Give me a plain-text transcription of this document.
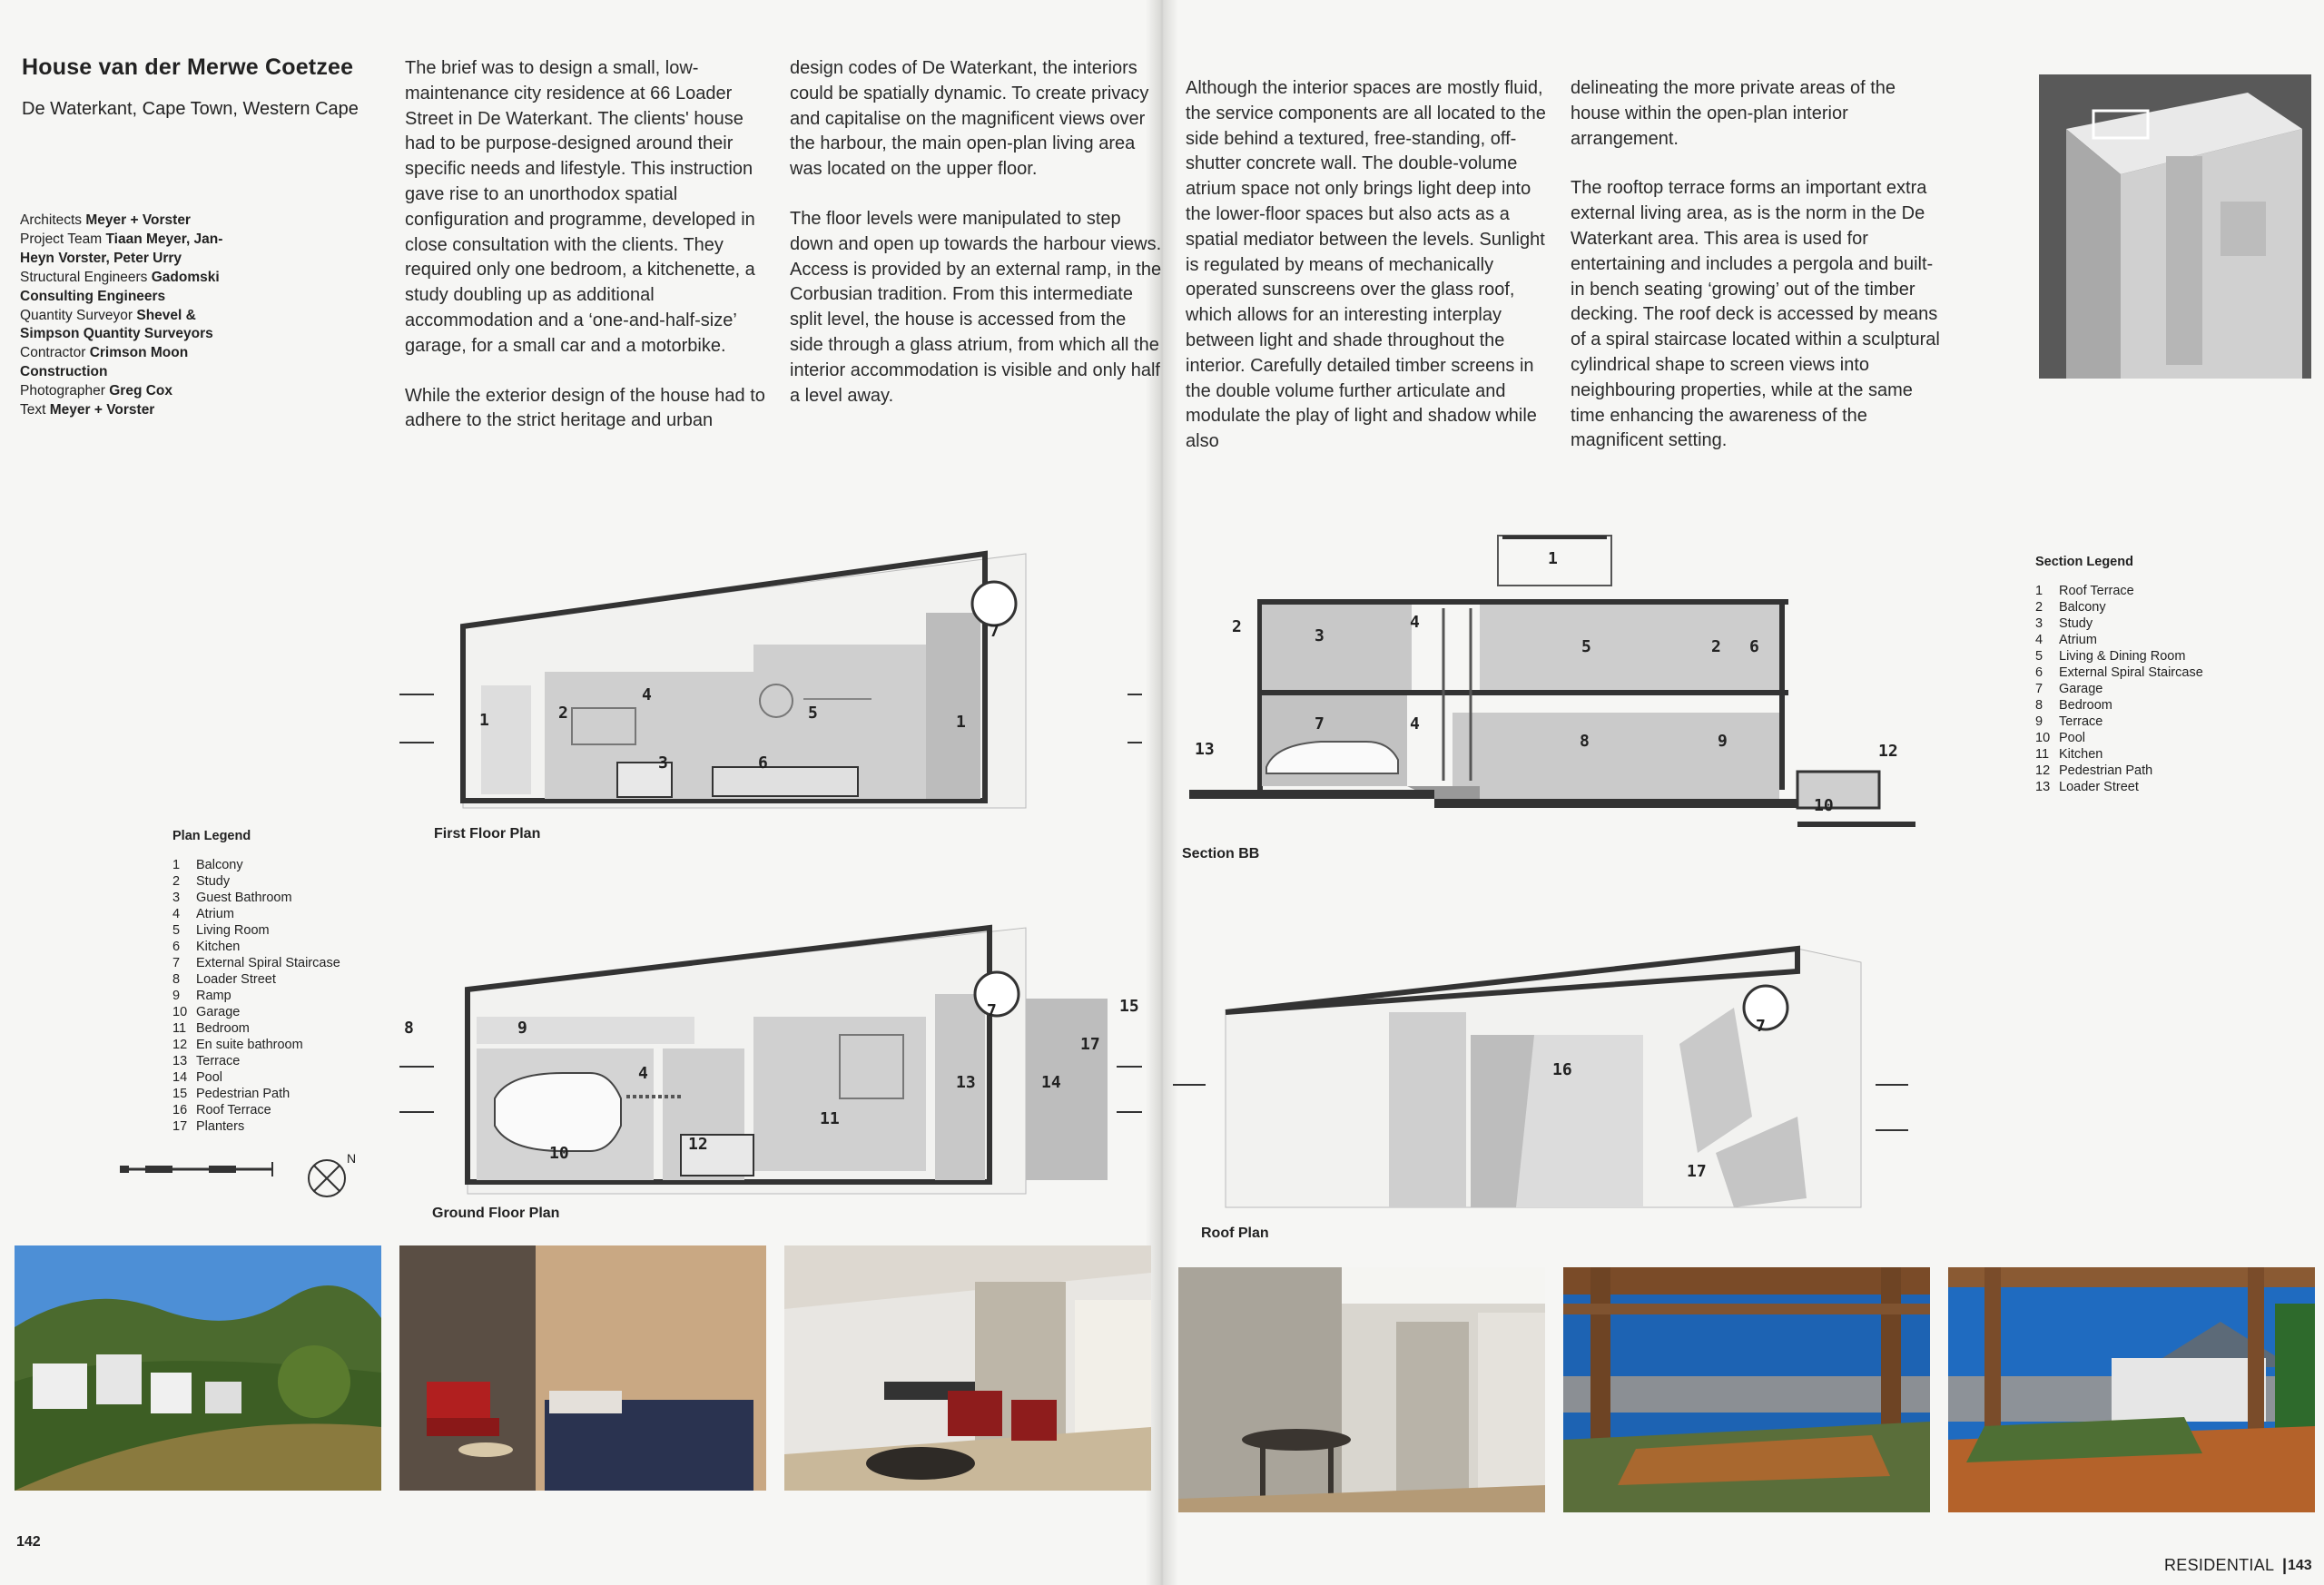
House van der Merwe Coetzee
De Waterkant, Cape Town, Western Cape
Architects Meyer + Vorster
Project Team Tiaan Meyer, Jan-Heyn Vorster, Peter Urry
Structural Engineers Gadomski Consulting Engineers
Quantity Surveyor Shevel & Simpson Quantity Surveyors
Contractor Crimson Moon Construction
Photographer Greg Cox
Text Meyer + Vorster

The brief was to design a small, low-maintenance city residence at 66 Loader Street in De Waterkant. The clients' house had to be purpose-designed around their specific needs and lifestyle. This instruction gave rise to an unorthodox spatial configuration and programme, developed in close consultation with the clients. They required only one bedroom, a kitchenette, a study doubling up as additional accommodation and a ‘one-and-half-size’ garage, for a small car and a motorbike.

While the exterior design of the house had to adhere to the strict heritage and urban

design codes of De Waterkant, the interiors could be spatially dynamic. To create privacy and capitalise on the magnificent views over the harbour, the main open-plan living area was located on the upper floor.

The floor levels were manipulated to step down and open up towards the harbour views. Access is provided by an external ramp, in the Corbusian tradition. From this intermediate split level, the house is accessed from the side through a glass atrium, from which all the interior accommodation is visible and only half a level away.

1	2
4
3	6
5	1
7
First Floor Plan
Plan Legend
1	Balcony
2	Study
3	Guest Bathroom
4	Atrium
5	Living Room
6	Kitchen
7	External Spiral Staircase
8	Loader Street
9	Ramp
10 Garage
11 Bedroom
12 En suite bathroom
13 Terrace
14 Pool
15 Pedestrian Path
16 Roof Terrace
17 Planters
8	9
4
10	12
11
13	14
7
17
15
Ground Floor Plan
N
142

Although the interior spaces are mostly fluid, the service components are all located to the side behind a textured, free-standing, off-shutter concrete wall. The double-volume atrium space not only brings light deep into the lower-floor spaces but also acts as a spatial mediator between the levels. Sunlight is regulated by means of mechanically operated sunscreens over the glass roof, which allows for an interesting interplay between light and shade throughout the interior. Carefully detailed timber screens in the double volume further articulate and modulate the play of light and shadow while also

delineating the more private areas of the house within the open-plan interior arrangement.

The rooftop terrace forms an important extra external living area, as is the norm in the De Waterkant area. This area is used for entertaining and includes a pergola and built-in bench seating ‘growing’ out of the timber decking. The roof deck is accessed by means of a spiral staircase located within a sculptural cylindrical shape to screen views into neighbouring properties, while at the same time enhancing the awareness of the magnificent setting.

Section Legend
1	Roof Terrace
2	Balcony
3	Study
4	Atrium
5	Living & Dining Room
6	External Spiral Staircase
7	Garage
8	Bedroom
9	Terrace
10 Pool
11 Kitchen
12 Pedestrian Path
13 Loader Street
1
2	3
4
5	2 6
13
7	4
8	9
12
10
Section BB
16
7
17
Roof Plan
RESIDENTIAL | 143
